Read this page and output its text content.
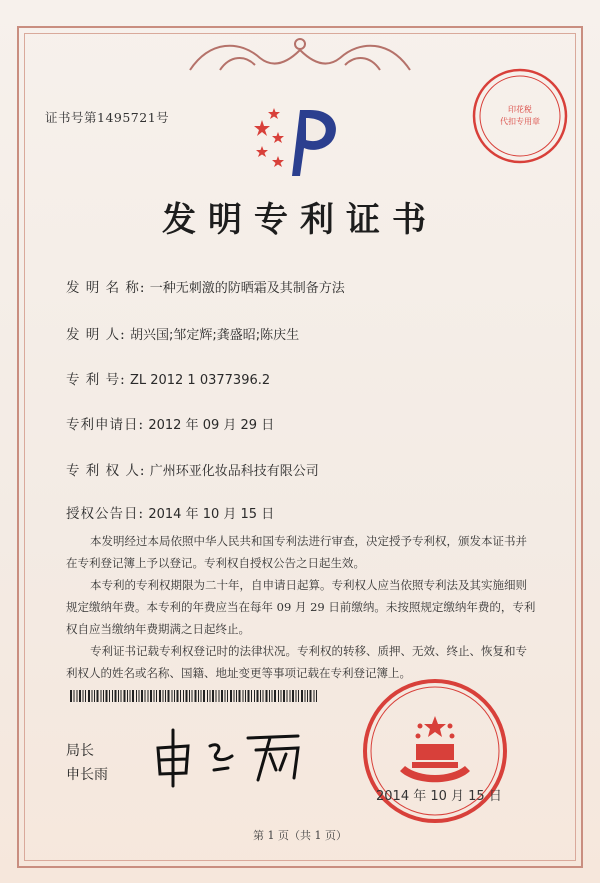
证书号第1495721号
印花税
代扣专用章
发明专利证书
发 明 名 称: 一种无刺激的防晒霜及其制备方法
发 明 人: 胡兴国;邹定辉;龚盛昭;陈庆生
专 利 号: ZL 2012 1 0377396.2
专利申请日: 2012 年 09 月 29 日
专 利 权 人: 广州环亚化妆品科技有限公司
授权公告日: 2014 年 10 月 15 日

本发明经过本局依照中华人民共和国专利法进行审查，决定授予专利权，颁发本证书并在专利登记簿上予以登记。专利权自授权公告之日起生效。

本专利的专利权期限为二十年，自申请日起算。专利权人应当依照专利法及其实施细则规定缴纳年费。本专利的年费应当在每年 09 月 29 日前缴纳。未按照规定缴纳年费的，专利权自应当缴纳年费期满之日起终止。

专利证书记载专利权登记时的法律状况。专利权的转移、质押、无效、终止、恢复和专利权人的姓名或名称、国籍、地址变更等事项记载在专利登记簿上。

局长
申长雨
2014 年 10 月 15 日
第 1 页（共 1 页）
